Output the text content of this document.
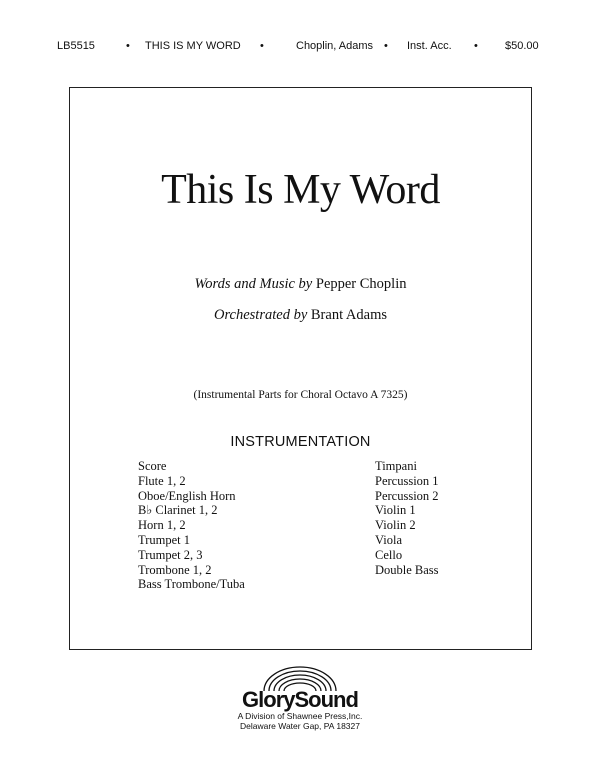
LB5515	• THIS IS MY WORD •	Choplin, Adams • Inst. Acc. • $50.00
This Is My Word
Words and Music by Pepper Choplin
Orchestrated by Brant Adams
(Instrumental Parts for Choral Octavo A 7325)
INSTRUMENTATION
Score
Flute 1, 2
Oboe/English Horn
B♭ Clarinet 1, 2
Horn 1, 2
Trumpet 1
Trumpet 2, 3
Trombone 1, 2
Bass Trombone/Tuba
Timpani
Percussion 1
Percussion 2
Violin 1
Violin 2
Viola
Cello
Double Bass
GlorySound
A Division of Shawnee Press,Inc.
Delaware Water Gap, PA 18327
